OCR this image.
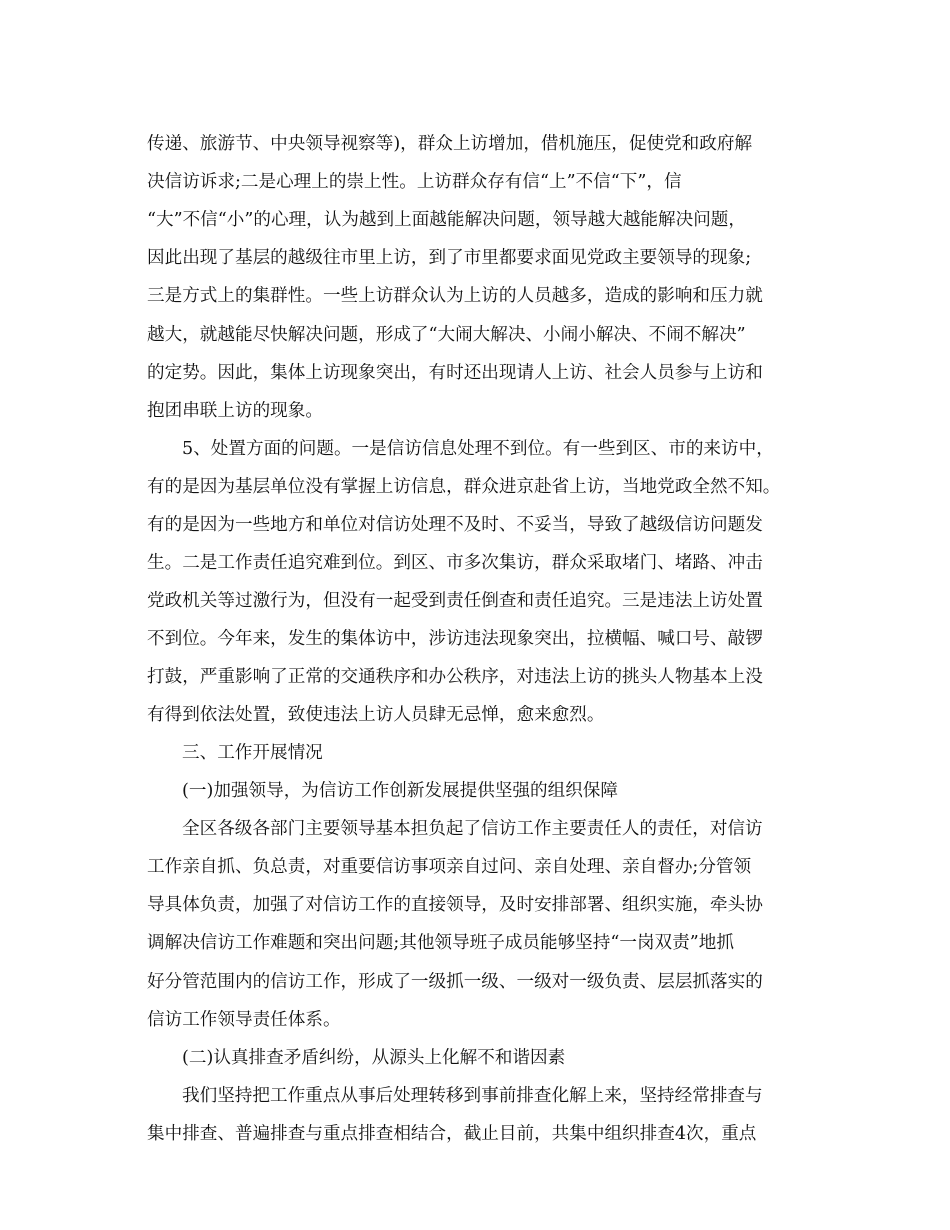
传递、旅游节、中央领导视察等)，群众上访增加，借机施压，促使党和政府解
决信访诉求;二是心理上的崇上性。上访群众存有信“上”不信“下”，信
“大”不信“小”的心理，认为越到上面越能解决问题，领导越大越能解决问题，
因此出现了基层的越级往市里上访，到了市里都要求面见党政主要领导的现象;
三是方式上的集群性。一些上访群众认为上访的人员越多，造成的影响和压力就
越大，就越能尽快解决问题，形成了“大闹大解决、小闹小解决、不闹不解决”
的定势。因此，集体上访现象突出，有时还出现请人上访、社会人员参与上访和
抱团串联上访的现象。
5、处置方面的问题。一是信访信息处理不到位。有一些到区、市的来访中，
有的是因为基层单位没有掌握上访信息，群众进京赴省上访，当地党政全然不知。
有的是因为一些地方和单位对信访处理不及时、不妥当，导致了越级信访问题发
生。二是工作责任追究难到位。到区、市多次集访，群众采取堵门、堵路、冲击
党政机关等过激行为，但没有一起受到责任倒查和责任追究。三是违法上访处置
不到位。今年来，发生的集体访中，涉访违法现象突出，拉横幅、喊口号、敲锣
打鼓，严重影响了正常的交通秩序和办公秩序，对违法上访的挑头人物基本上没
有得到依法处置，致使违法上访人员肆无忌惮，愈来愈烈。
三、工作开展情况
(一)加强领导，为信访工作创新发展提供坚强的组织保障
全区各级各部门主要领导基本担负起了信访工作主要责任人的责任，对信访
工作亲自抓、负总责，对重要信访事项亲自过问、亲自处理、亲自督办;分管领
导具体负责，加强了对信访工作的直接领导，及时安排部署、组织实施，牵头协
调解决信访工作难题和突出问题;其他领导班子成员能够坚持“一岗双责”地抓
好分管范围内的信访工作，形成了一级抓一级、一级对一级负责、层层抓落实的
信访工作领导责任体系。
(二)认真排查矛盾纠纷，从源头上化解不和谐因素
我们坚持把工作重点从事后处理转移到事前排查化解上来，坚持经常排查与
集中排查、普遍排查与重点排查相结合，截止目前，共集中组织排查4次，重点
